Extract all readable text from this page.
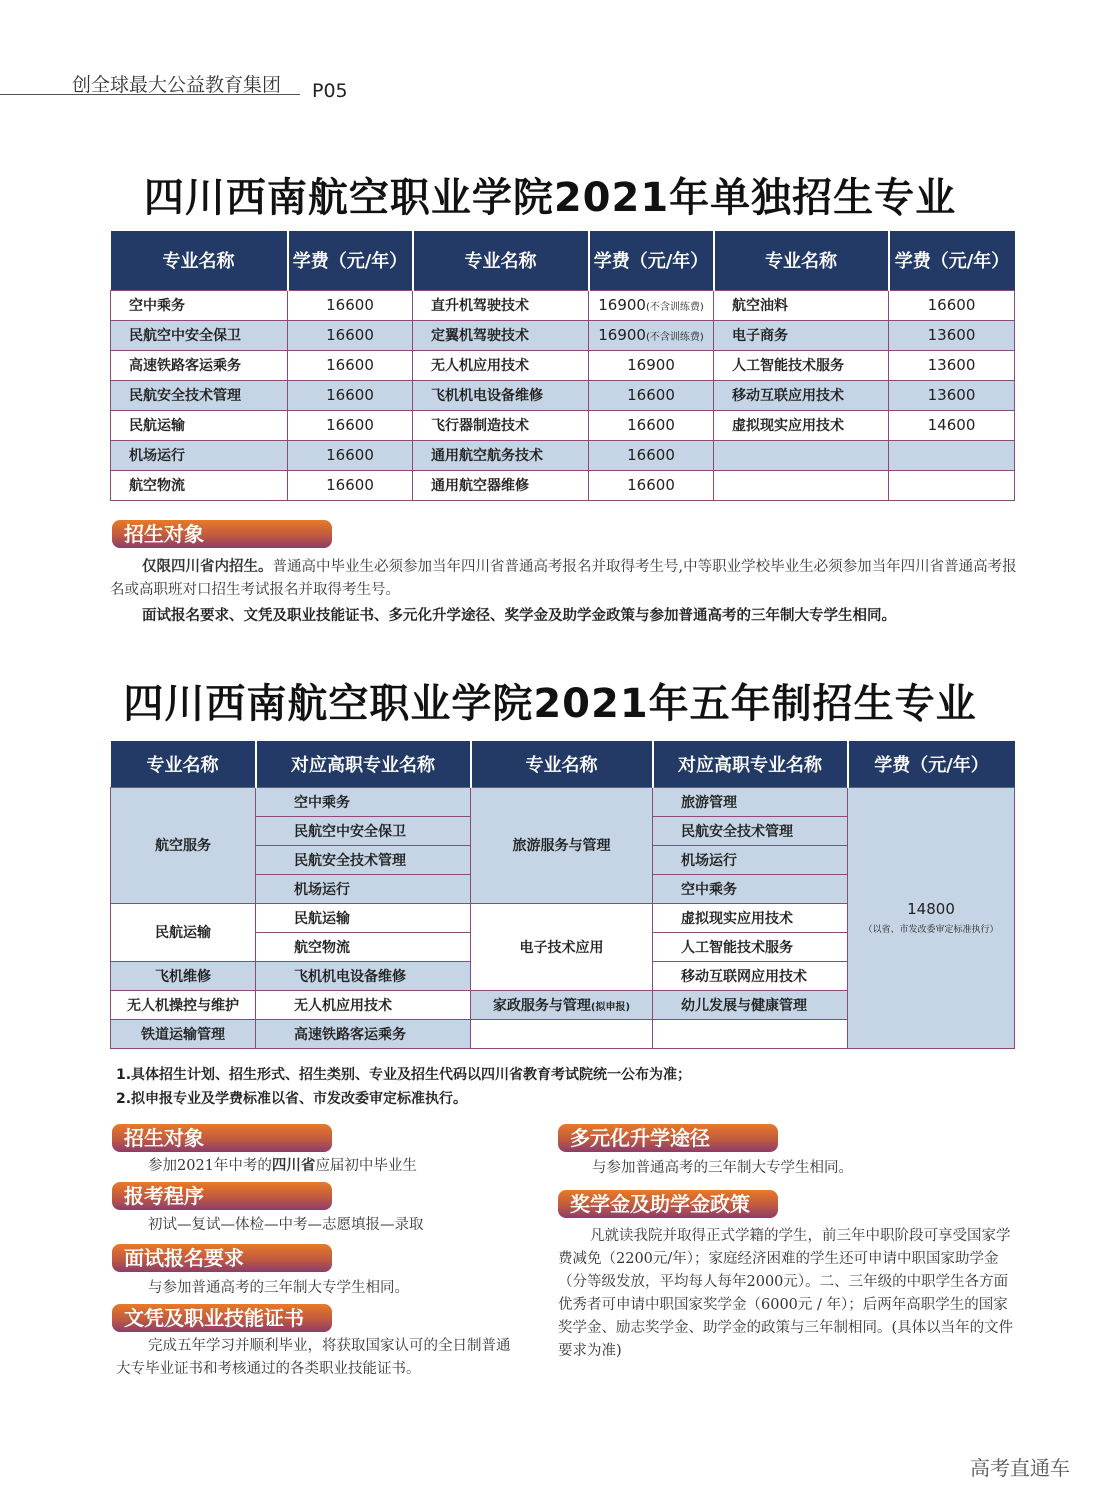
创全球最大公益教育集团 P05
四川西南航空职业学院2021年单独招生专业
专业名称	学费（元/年）	专业名称	学费（元/年）	专业名称	学费（元/年）
空中乘务	16600	直升机驾驶技术	16900(不含训练费)	航空油料	16600
民航空中安全保卫	16600	定翼机驾驶技术	16900(不含训练费)	电子商务	13600
高速铁路客运乘务	16600	无人机应用技术	16900	人工智能技术服务	13600
民航安全技术管理	16600	飞机机电设备维修	16600	移动互联应用技术	13600
民航运输	16600	飞行器制造技术	16600	虚拟现实应用技术	14600
机场运行	16600	通用航空航务技术	16600		
航空物流	16600	通用航空器维修	16600		
招生对象
仅限四川省内招生。普通高中毕业生必须参加当年四川省普通高考报名并取得考生号,中等职业学校毕业生必须参加当年四川省普通高考报名或高职班对口招生考试报名并取得考生号。
面试报名要求、文凭及职业技能证书、多元化升学途径、奖学金及助学金政策与参加普通高考的三年制大专学生相同。
四川西南航空职业学院2021年五年制招生专业
专业名称	对应高职专业名称	专业名称	对应高职专业名称	学费（元/年）
航空服务	空中乘务	旅游服务与管理	旅游管理	14800
（以省、市发改委审定标准执行）

	民航空中安全保卫		民航安全技术管理	
	民航安全技术管理		机场运行	
	机场运行		空中乘务	
民航运输	民航运输	电子技术应用	虚拟现实应用技术	
	航空物流		人工智能技术服务	
飞机维修	飞机机电设备维修		移动互联网应用技术	
无人机操控与维护	无人机应用技术	家政服务与管理(拟申报)	幼儿发展与健康管理	
铁道运输管理	高速铁路客运乘务			
1.具体招生计划、招生形式、招生类别、专业及招生代码以四川省教育考试院统一公布为准；
2.拟申报专业及学费标准以省、市发改委审定标准执行。
招生对象
参加2021年中考的四川省应届初中毕业生
报考程序
初试—复试—体检—中考—志愿填报—录取
面试报名要求
与参加普通高考的三年制大专学生相同。
文凭及职业技能证书
完成五年学习并顺利毕业，将获取国家认可的全日制普通大专毕业证书和考核通过的各类职业技能证书。
多元化升学途径
与参加普通高考的三年制大专学生相同。
奖学金及助学金政策
凡就读我院并取得正式学籍的学生，前三年中职阶段可享受国家学费减免（2200元/年）；家庭经济困难的学生还可申请中职国家助学金（分等级发放，平均每人每年2000元）。二、三年级的中职学生各方面优秀者可申请中职国家奖学金（6000元 / 年）；后两年高职学生的国家奖学金、励志奖学金、助学金的政策与三年制相同。(具体以当年的文件要求为准)
高考直通车
